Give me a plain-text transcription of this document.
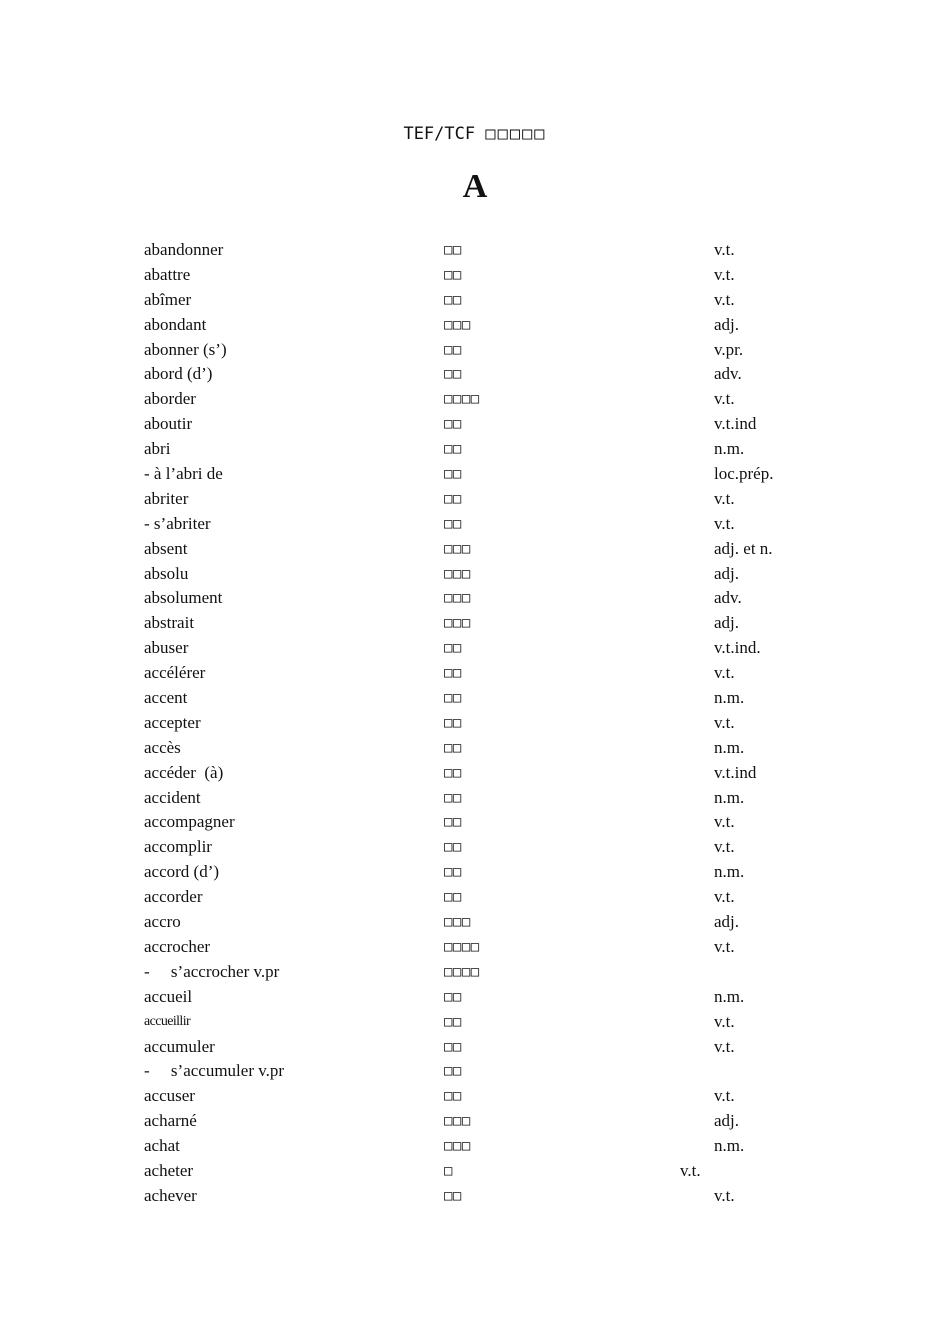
TEF/TCF □□□□□
A
abandonner	□□	v.t.
abattre	□□	v.t.
abîmer	□□	v.t.
abondant	□□□	adj.
abonner (s’)	□□	v.pr.
abord (d’)	□□	adv.
aborder	□□□□	v.t.
aboutir	□□	v.t.ind
abri	□□	n.m.
- à l’abri de	□□	loc.prép.
abriter	□□	v.t.
- s’abriter	□□	v.t.
absent	□□□	adj. et n.
absolu	□□□	adj.
absolument	□□□	adv.
abstrait	□□□	adj.
abuser	□□	v.t.ind.
accélérer	□□	v.t.
accent	□□	n.m.
accepter	□□	v.t.
accès	□□	n.m.
accéder  (à)	□□	v.t.ind
accident	□□	n.m.
accompagner	□□	v.t.
accomplir	□□	v.t.
accord (d’)	□□	n.m.
accorder	□□	v.t.
accro	□□□	adj.
accrocher	□□□□	v.t.
-     s’accrocher v.pr	□□□□
accueil	□□	n.m.
accueillir	□□	v.t.
accumuler	□□	v.t.
-     s’accumuler v.pr	□□
accuser	□□	v.t.
acharné	□□□	adj.
achat	□□□	n.m.
acheter	□	v.t.
achever	□□	v.t.
